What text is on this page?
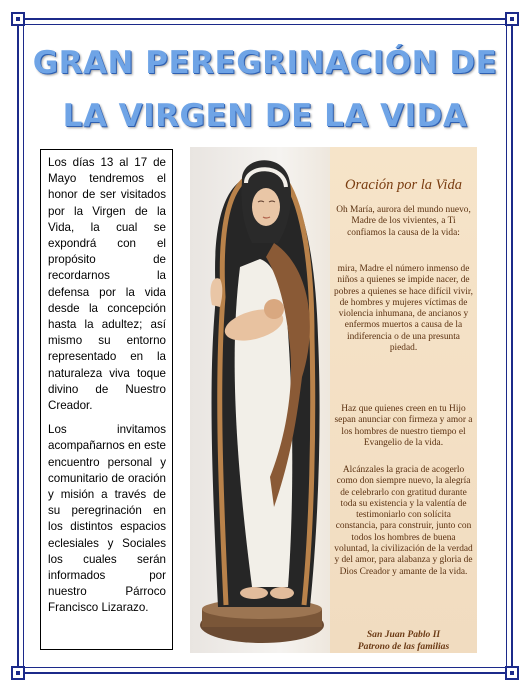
GRAN PEREGRINACIÓN DE
LA VIRGEN DE LA VIDA

Los días 13 al 17 de Mayo tendremos el honor de ser visitados por la Virgen de la Vida, la cual se expondrá con el propósito de recordarnos la defensa por la vida desde la concepción hasta la adultez; así mismo su entorno representado en la naturaleza viva toque divino de Nuestro Creador.

Los invitamos acompañarnos en este encuentro personal y comunitario de oración y misión a través de su peregrinación en los distintos espacios eclesiales y Sociales los cuales serán informados por nuestro Párroco Francisco Lizarazo.

Oración por la Vida
Oh María, aurora del mundo nuevo, Madre de los vivientes, a Ti confiamos la causa de la vida:
mira, Madre el número inmenso de niños a quienes se impide nacer, de pobres a quienes se hace difícil vivir, de hombres y mujeres víctimas de violencia inhumana, de ancianos y enfermos muertos a causa de la indiferencia o de una presunta piedad.
Haz que quienes creen en tu Hijo sepan anunciar con firmeza y amor a los hombres de nuestro tiempo el Evangelio de la vida.
Alcánzales la gracia de acogerlo como don siempre nuevo, la alegría de celebrarlo con gratitud durante toda su existencia y la valentía de testimoniarlo con solícita constancia, para construir, junto con todos los hombres de buena voluntad, la civilización de la verdad y del amor, para alabanza y gloria de Dios Creador y amante de la vida.
San Juan Pablo II
Patrono de las familias
